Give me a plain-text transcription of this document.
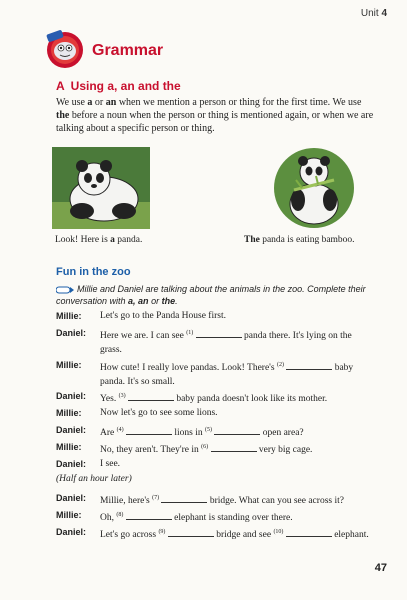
Unit 4
Grammar
A Using a, an and the
We use a or an when we mention a person or thing for the first time. We use the before a noun when the person or thing is mentioned again, or when we are talking about a specific person or thing.
Look! Here is a panda.	The panda is eating bamboo.
Fun in the zoo
Millie and Daniel are talking about the animals in the zoo. Complete their conversation with a, an or the.
Millie: Let's go to the Panda House first.
Daniel: Here we are. I can see $^{(1)}$	panda there. It's lying on the grass.
Millie: How cute! I really love pandas. Look! There's $^{(2)}$	baby panda. It's so small.
Daniel: Yes. $^{(3)}$	baby panda doesn't look like its mother.
Millie: Now let's go to see some lions.
Daniel: Are $^{(4)}$	lions in $^{(5)}$	open area?
Millie: No, they aren't. They're in $^{(6)}$	very big cage.
Daniel: I see.
(Half an hour later)
Daniel: Millie, here's $^{(7)}$	bridge. What can you see across it?
Millie: Oh, $^{(8)}$	elephant is standing over there.
Daniel: Let's go across $^{(9)}$	bridge and see $^{(10)}$	elephant.
47
